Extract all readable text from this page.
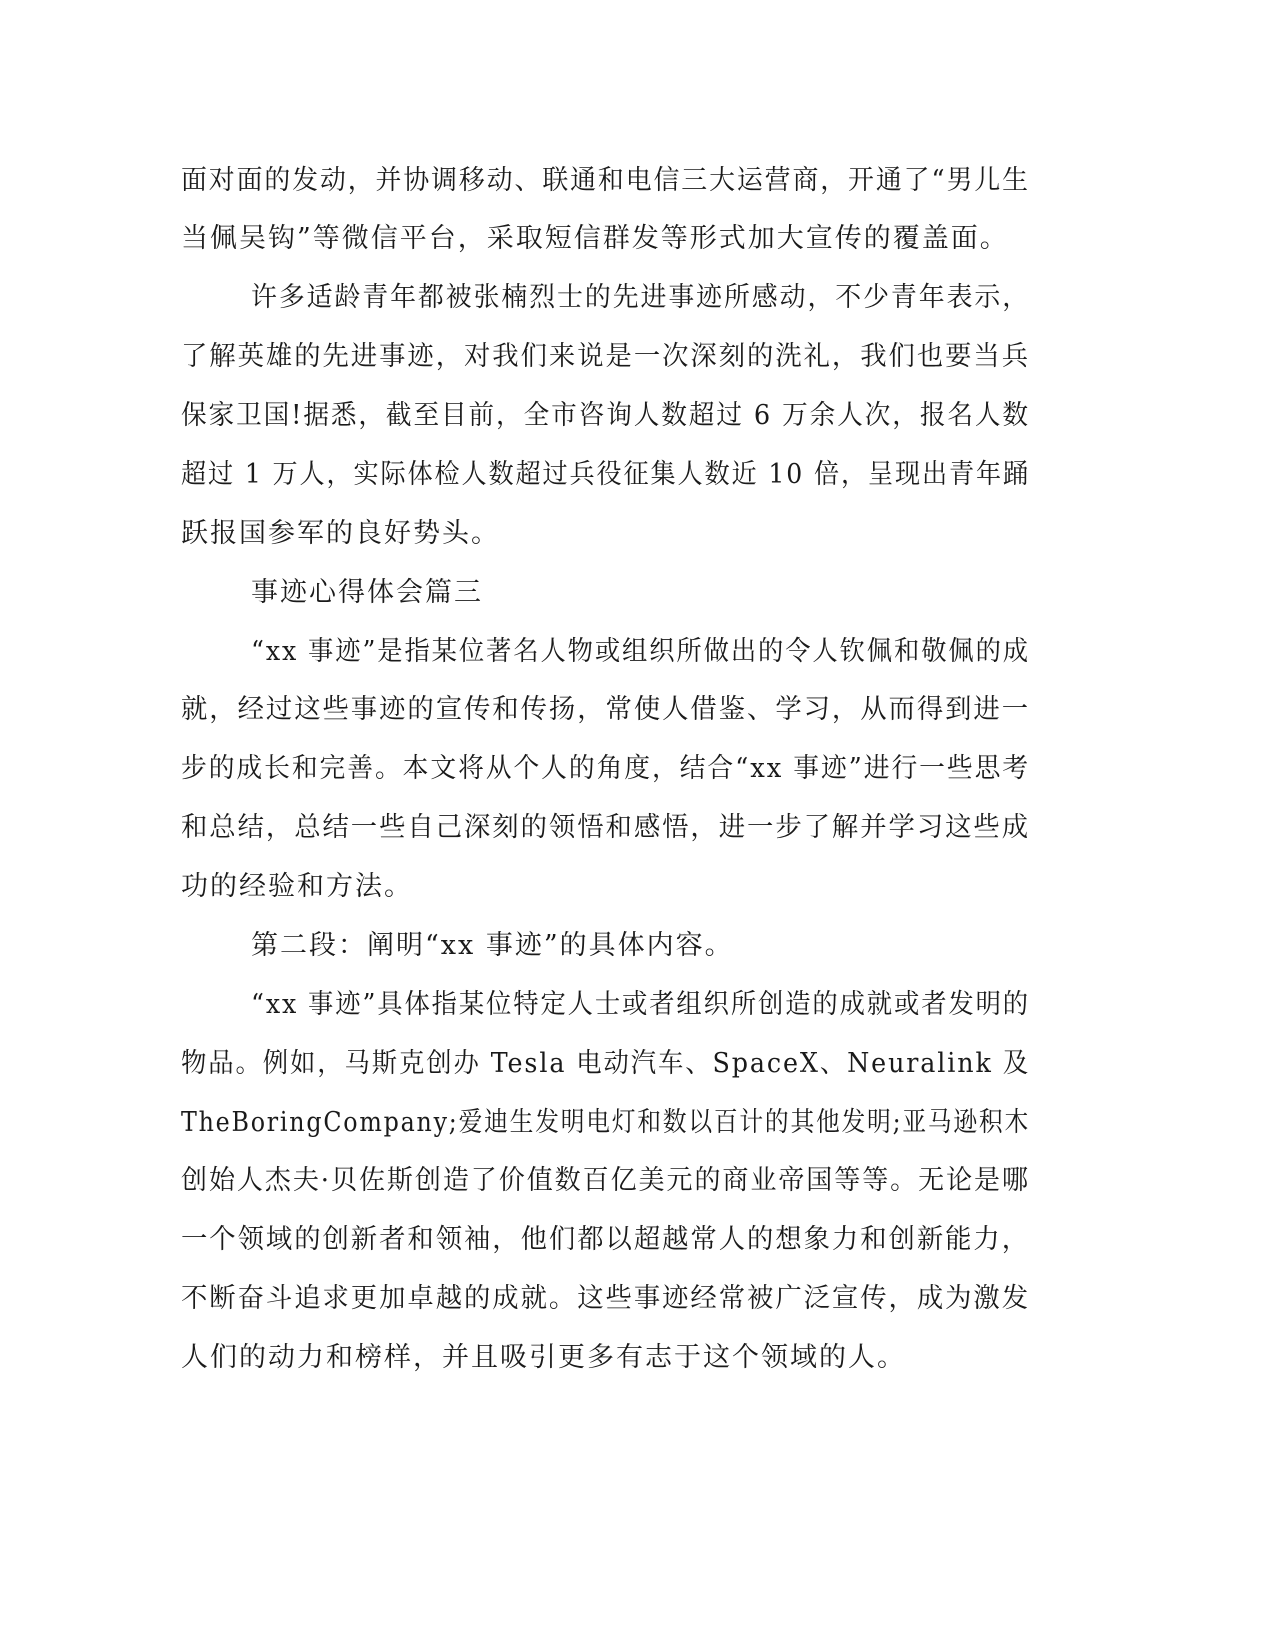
面对面的发动，并协调移动、联通和电信三大运营商，开通了“男儿生
当佩吴钩”等微信平台，采取短信群发等形式加大宣传的覆盖面。
许多适龄青年都被张楠烈士的先进事迹所感动，不少青年表示，
了解英雄的先进事迹，对我们来说是一次深刻的洗礼，我们也要当兵
保家卫国!据悉，截至目前，全市咨询人数超过 6 万余人次，报名人数
超过 1 万人，实际体检人数超过兵役征集人数近 10 倍，呈现出青年踊
跃报国参军的良好势头。
事迹心得体会篇三
“xx 事迹”是指某位著名人物或组织所做出的令人钦佩和敬佩的成
就，经过这些事迹的宣传和传扬，常使人借鉴、学习，从而得到进一
步的成长和完善。本文将从个人的角度，结合“xx 事迹”进行一些思考
和总结，总结一些自己深刻的领悟和感悟，进一步了解并学习这些成
功的经验和方法。
第二段：阐明“xx 事迹”的具体内容。
“xx 事迹”具体指某位特定人士或者组织所创造的成就或者发明的
物品。例如，马斯克创办 Tesla 电动汽车、SpaceX、Neuralink 及
TheBoringCompany;爱迪生发明电灯和数以百计的其他发明;亚马逊积木
创始人杰夫·贝佐斯创造了价值数百亿美元的商业帝国等等。无论是哪
一个领域的创新者和领袖，他们都以超越常人的想象力和创新能力，
不断奋斗追求更加卓越的成就。这些事迹经常被广泛宣传，成为激发
人们的动力和榜样，并且吸引更多有志于这个领域的人。
